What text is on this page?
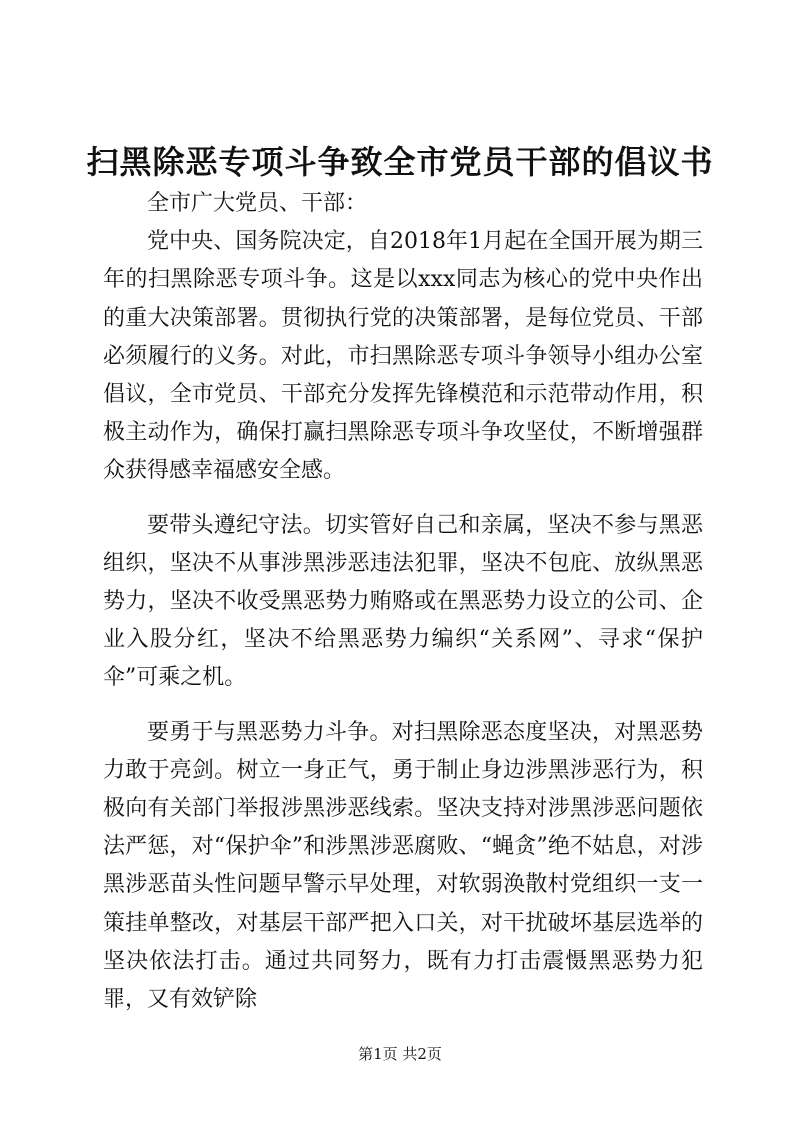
扫黑除恶专项斗争致全市党员干部的倡议书

全市广大党员、干部：

党中央、国务院决定，自2018年1月起在全国开展为期三年的扫黑除恶专项斗争。这是以xxx同志为核心的党中央作出的重大决策部署。贯彻执行党的决策部署，是每位党员、干部必须履行的义务。对此，市扫黑除恶专项斗争领导小组办公室倡议，全市党员、干部充分发挥先锋模范和示范带动作用，积极主动作为，确保打赢扫黑除恶专项斗争攻坚仗，不断增强群众获得感幸福感安全感。

要带头遵纪守法。切实管好自己和亲属，坚决不参与黑恶组织，坚决不从事涉黑涉恶违法犯罪，坚决不包庇、放纵黑恶势力，坚决不收受黑恶势力贿赂或在黑恶势力设立的公司、企业入股分红，坚决不给黑恶势力编织“关系网”、寻求“保护伞”可乘之机。

要勇于与黑恶势力斗争。对扫黑除恶态度坚决，对黑恶势力敢于亮剑。树立一身正气，勇于制止身边涉黑涉恶行为，积极向有关部门举报涉黑涉恶线索。坚决支持对涉黑涉恶问题依法严惩，对“保护伞”和涉黑涉恶腐败、“蝇贪”绝不姑息，对涉黑涉恶苗头性问题早警示早处理，对软弱涣散村党组织一支一策挂单整改，对基层干部严把入口关，对干扰破坏基层选举的坚决依法打击。通过共同努力，既有力打击震慑黑恶势力犯罪，又有效铲除

第1页 共2页
